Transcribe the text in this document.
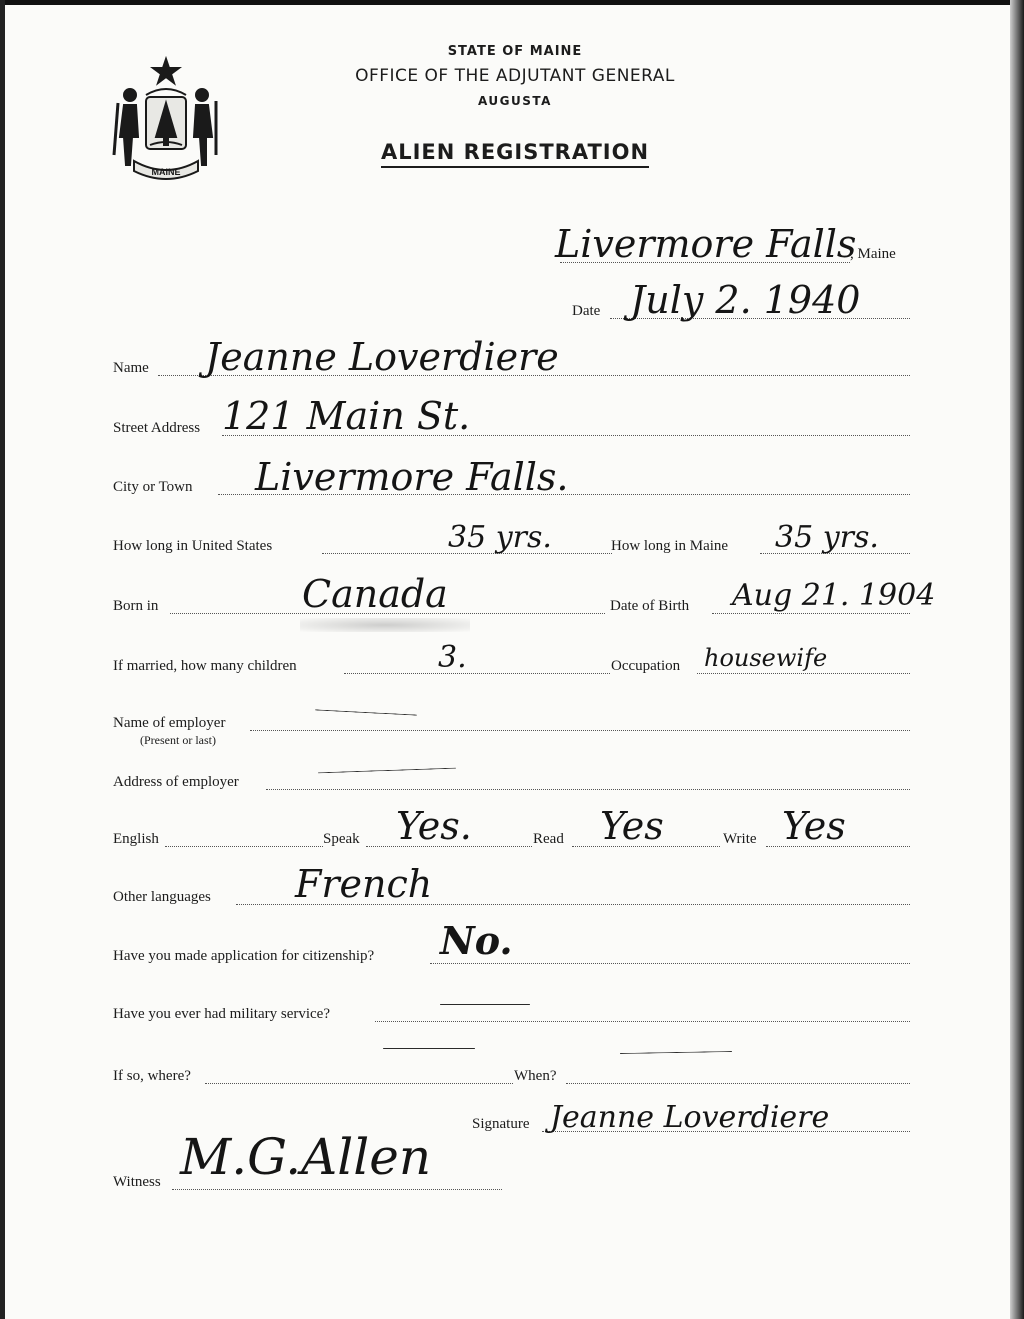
MAINE
STATE OF MAINE
OFFICE OF THE ADJUTANT GENERAL
AUGUSTA
ALIEN REGISTRATION
Livermore Falls
, Maine
Date July 2. 1940
Name Jeanne Loverdiere
Street Address 121 Main St.
City or Town Livermore Falls.
How long in United States	35 yrs.	How long in Maine 35 yrs.
Born in	Canada	Date of Birth Aug 21. 1904
If married, how many children	3.	Occupation housewife
Name of employer
(Present or last)
Address of employer
English	Speak Yes.	Read Yes	Write Yes
Other languages French
Have you made application for citizenship? No.
Have you ever had military service?
If so, where?	When?
Signature Jeanne Loverdiere
Witness M.G.Allen
